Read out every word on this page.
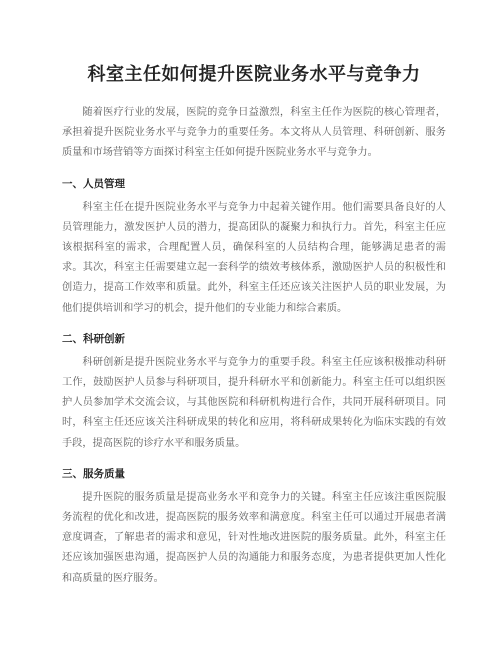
科室主任如何提升医院业务水平与竞争力

随着医疗行业的发展，医院的竞争日益激烈，科室主任作为医院的核心管理者，承担着提升医院业务水平与竞争力的重要任务。本文将从人员管理、科研创新、服务质量和市场营销等方面探讨科室主任如何提升医院业务水平与竞争力。

一、人员管理

科室主任在提升医院业务水平与竞争力中起着关键作用。他们需要具备良好的人员管理能力，激发医护人员的潜力，提高团队的凝聚力和执行力。首先，科室主任应该根据科室的需求，合理配置人员，确保科室的人员结构合理，能够满足患者的需求。其次，科室主任需要建立起一套科学的绩效考核体系，激励医护人员的积极性和创造力，提高工作效率和质量。此外，科室主任还应该关注医护人员的职业发展，为他们提供培训和学习的机会，提升他们的专业能力和综合素质。

二、科研创新

科研创新是提升医院业务水平与竞争力的重要手段。科室主任应该积极推动科研工作，鼓励医护人员参与科研项目，提升科研水平和创新能力。科室主任可以组织医护人员参加学术交流会议，与其他医院和科研机构进行合作，共同开展科研项目。同时，科室主任还应该关注科研成果的转化和应用，将科研成果转化为临床实践的有效手段，提高医院的诊疗水平和服务质量。

三、服务质量

提升医院的服务质量是提高业务水平和竞争力的关键。科室主任应该注重医院服务流程的优化和改进，提高医院的服务效率和满意度。科室主任可以通过开展患者满意度调查，了解患者的需求和意见，针对性地改进医院的服务质量。此外，科室主任还应该加强医患沟通，提高医护人员的沟通能力和服务态度，为患者提供更加人性化和高质量的医疗服务。
